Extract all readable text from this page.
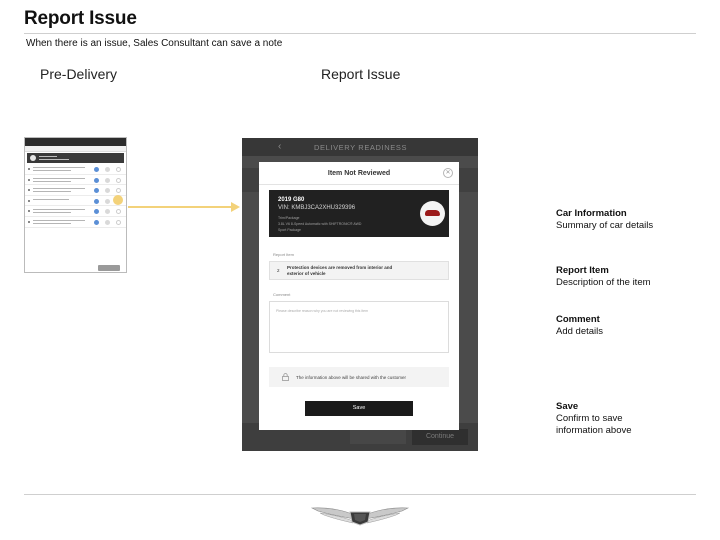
Report Issue
When there is an issue, Sales Consultant can save a note
Pre-Delivery	Report Issue
‹	DELIVERY READINESS
Continue
Item Not Reviewed	✕
2019 G80
VIN: KMBJ3CA2XHU329396
Trim/Package
3.8L V6 8-Speed Automatic with SHIFTRONIC® AWD
Sport Package
Report Item
2
Protection devices are removed from interior and exterior of vehicle
Comment
Please describe reason why you are not reviewing this item
The information above will be shared with the customer
Save
Car Information
Summary of car details
Report Item
Description of the item
Comment
Add details
Save
Confirm to save information above
